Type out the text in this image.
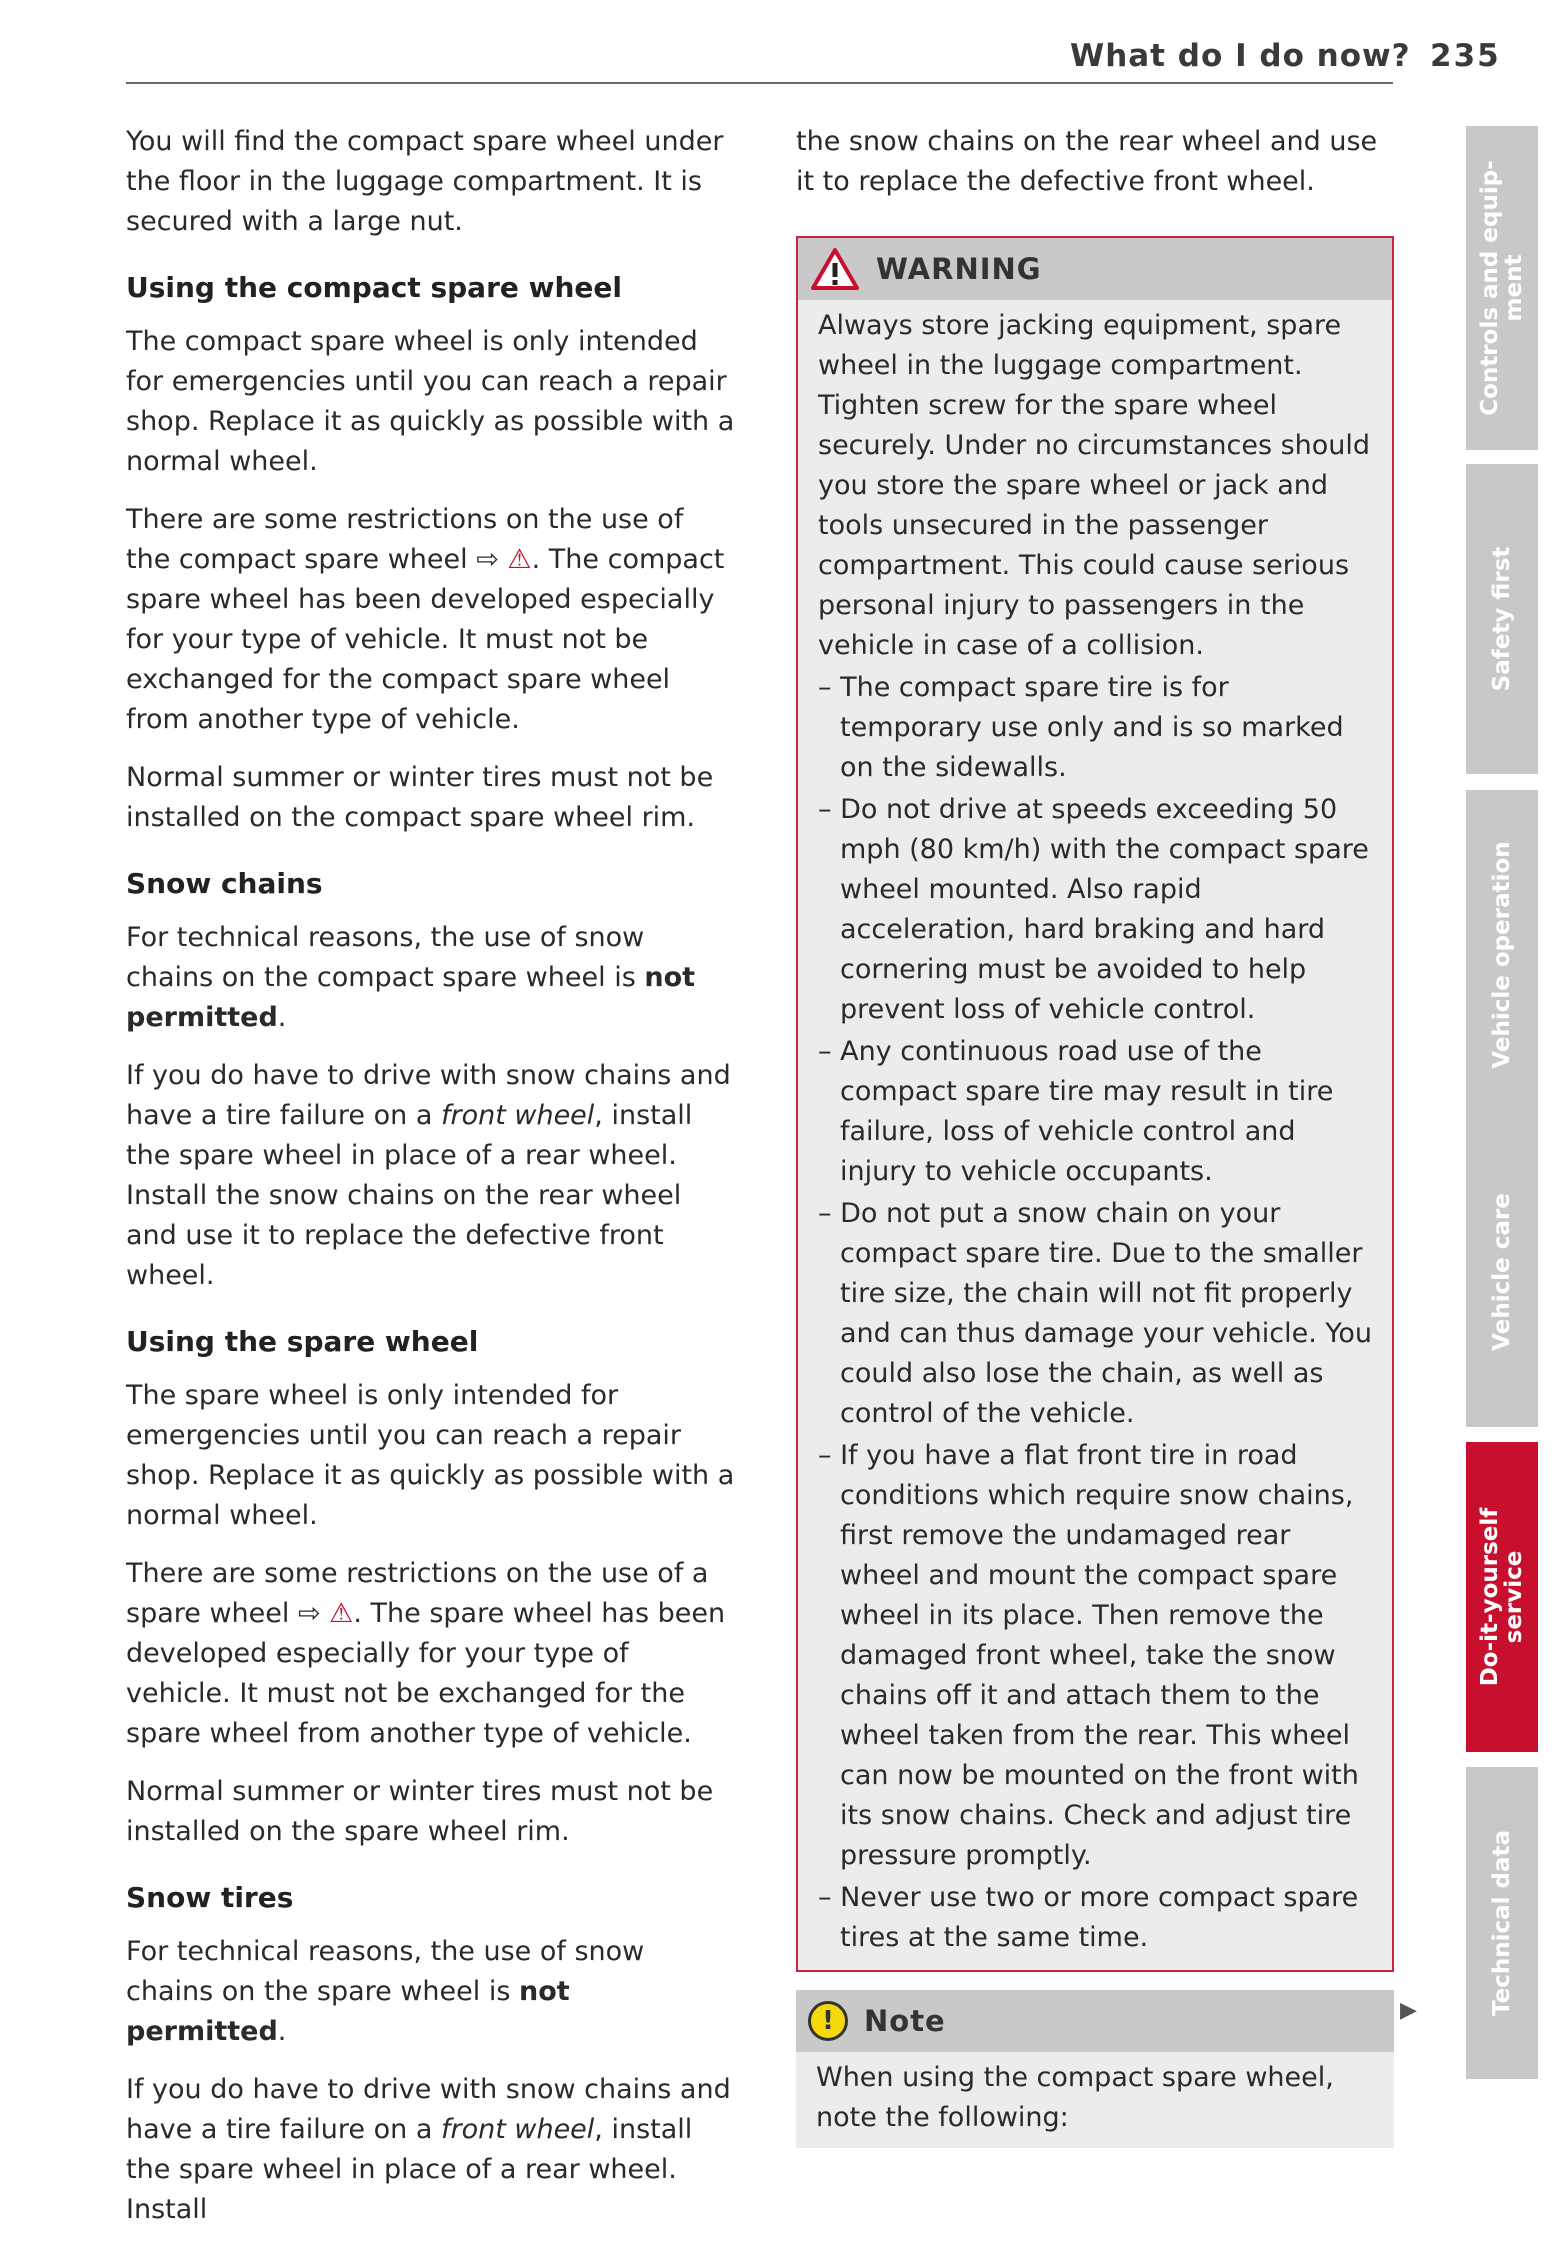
What do I do now? 235

You will find the compact spare wheel under the floor in the luggage compartment. It is secured with a large nut.

Using the compact spare wheel

The compact spare wheel is only intended for emergencies until you can reach a repair shop. Replace it as quickly as possible with a normal wheel.

There are some restrictions on the use of the compact spare wheel ⇨ ⚠. The compact spare wheel has been developed especially for your type of vehicle. It must not be exchanged for the compact spare wheel from another type of vehicle.

Normal summer or winter tires must not be installed on the compact spare wheel rim.

Snow chains

For technical reasons, the use of snow chains on the compact spare wheel is not permitted.

If you do have to drive with snow chains and have a tire failure on a front wheel, install the spare wheel in place of a rear wheel. Install the snow chains on the rear wheel and use it to replace the defective front wheel.

Using the spare wheel

The spare wheel is only intended for emergencies until you can reach a repair shop. Replace it as quickly as possible with a normal wheel.

There are some restrictions on the use of a spare wheel ⇨ ⚠. The spare wheel has been developed especially for your type of vehicle. It must not be exchanged for the spare wheel from another type of vehicle.

Normal summer or winter tires must not be installed on the spare wheel rim.

Snow tires

For technical reasons, the use of snow chains on the spare wheel is not permitted.

If you do have to drive with snow chains and have a tire failure on a front wheel, install the spare wheel in place of a rear wheel. Install

the snow chains on the rear wheel and use it to replace the defective front wheel.

WARNING

Always store jacking equipment, spare wheel in the luggage compartment. Tighten screw for the spare wheel securely. Under no circumstances should you store the spare wheel or jack and tools unsecured in the passenger compartment. This could cause serious personal injury to passengers in the vehicle in case of a collision.

– The compact spare tire is for temporary use only and is so marked on the sidewalls.
– Do not drive at speeds exceeding 50 mph (80 km/h) with the compact spare wheel mounted. Also rapid acceleration, hard braking and hard cornering must be avoided to help prevent loss of vehicle control.
– Any continuous road use of the compact spare tire may result in tire failure, loss of vehicle control and injury to vehicle occupants.
– Do not put a snow chain on your compact spare tire. Due to the smaller tire size, the chain will not fit properly and can thus damage your vehicle. You could also lose the chain, as well as control of the vehicle.
– If you have a flat front tire in road conditions which require snow chains, first remove the undamaged rear wheel and mount the compact spare wheel in its place. Then remove the damaged front wheel, take the snow chains off it and attach them to the wheel taken from the rear. This wheel can now be mounted on the front with its snow chains. Check and adjust tire pressure promptly.
– Never use two or more compact spare tires at the same time.
!	Note

When using the compact spare wheel, note the following:

▶
Controls and equip-
ment
Safety first
Vehicle operation
Vehicle care
Do-it-yourself
service
Technical data
